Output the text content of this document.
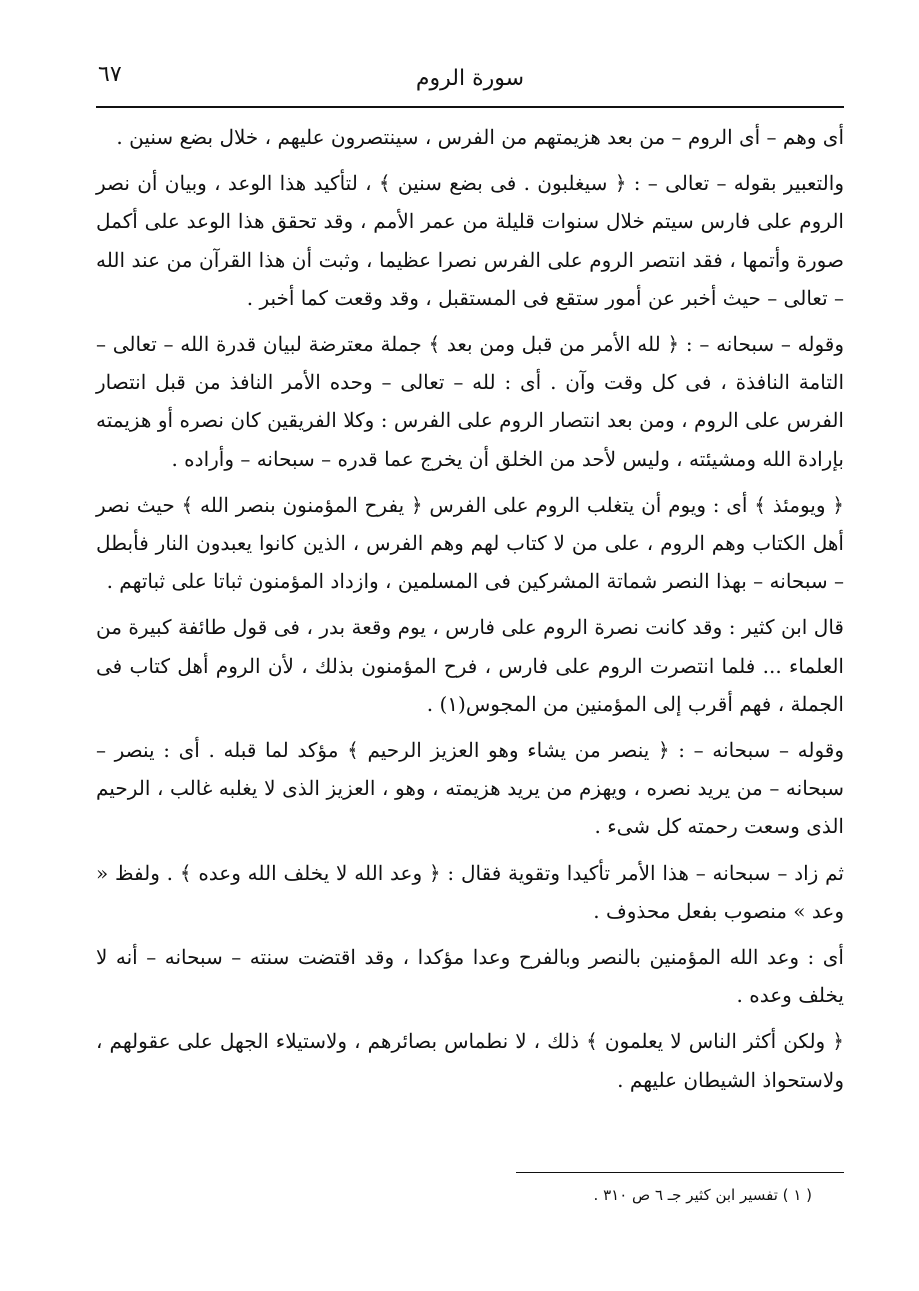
٦٧	سورة الروم

أى وهم – أى الروم – من بعد هزيمتهم من الفرس ، سينتصرون عليهم ، خلال بضع سنين .

والتعبير بقوله – تعالى – : ﴿ سيغلبون . فى بضع سنين ﴾ ، لتأكيد هذا الوعد ، وبيان أن نصر الروم على فارس سيتم خلال سنوات قليلة من عمر الأمم ، وقد تحقق هذا الوعد على أكمل صورة وأتمها ، فقد انتصر الروم على الفرس نصرا عظيما ، وثبت أن هذا القرآن من عند الله – تعالى – حيث أخبر عن أمور ستقع فى المستقبل ، وقد وقعت كما أخبر .

وقوله – سبحانه – : ﴿ لله الأمر من قبل ومن بعد ﴾ جملة معترضة لبيان قدرة الله – تعالى – التامة النافذة ، فى كل وقت وآن . أى : لله – تعالى – وحده الأمر النافذ من قبل انتصار الفرس على الروم ، ومن بعد انتصار الروم على الفرس : وكلا الفريقين كان نصره أو هزيمته بإرادة الله ومشيئته ، وليس لأحد من الخلق أن يخرج عما قدره – سبحانه – وأراده .

﴿ ويومئذ ﴾ أى : ويوم أن يتغلب الروم على الفرس ﴿ يفرح المؤمنون بنصر الله ﴾ حيث نصر أهل الكتاب وهم الروم ، على من لا كتاب لهم وهم الفرس ، الذين كانوا يعبدون النار فأبطل – سبحانه – بهذا النصر شماتة المشركين فى المسلمين ، وازداد المؤمنون ثباتا على ثباتهم .

قال ابن كثير : وقد كانت نصرة الروم على فارس ، يوم وقعة بدر ، فى قول طائفة كبيرة من العلماء ... فلما انتصرت الروم على فارس ، فرح المؤمنون بذلك ، لأن الروم أهل كتاب فى الجملة ، فهم أقرب إلى المؤمنين من المجوس(١) .

وقوله – سبحانه – : ﴿ ينصر من يشاء وهو العزيز الرحيم ﴾ مؤكد لما قبله . أى : ينصر – سبحانه – من يريد نصره ، ويهزم من يريد هزيمته ، وهو ، العزيز الذى لا يغلبه غالب ، الرحيم الذى وسعت رحمته كل شىء .

ثم زاد – سبحانه – هذا الأمر تأكيدا وتقوية فقال : ﴿ وعد الله لا يخلف الله وعده ﴾ . ولفظ « وعد » منصوب بفعل محذوف .

أى : وعد الله المؤمنين بالنصر وبالفرح وعدا مؤكدا ، وقد اقتضت سنته – سبحانه – أنه لا يخلف وعده .

﴿ ولكن أكثر الناس لا يعلمون ﴾ ذلك ، لا نطماس بصائرهم ، ولاستيلاء الجهل على عقولهم ، ولاستحواذ الشيطان عليهم .

( ١ ) تفسير ابن كثير جـ ٦ ص ٣١٠ .
